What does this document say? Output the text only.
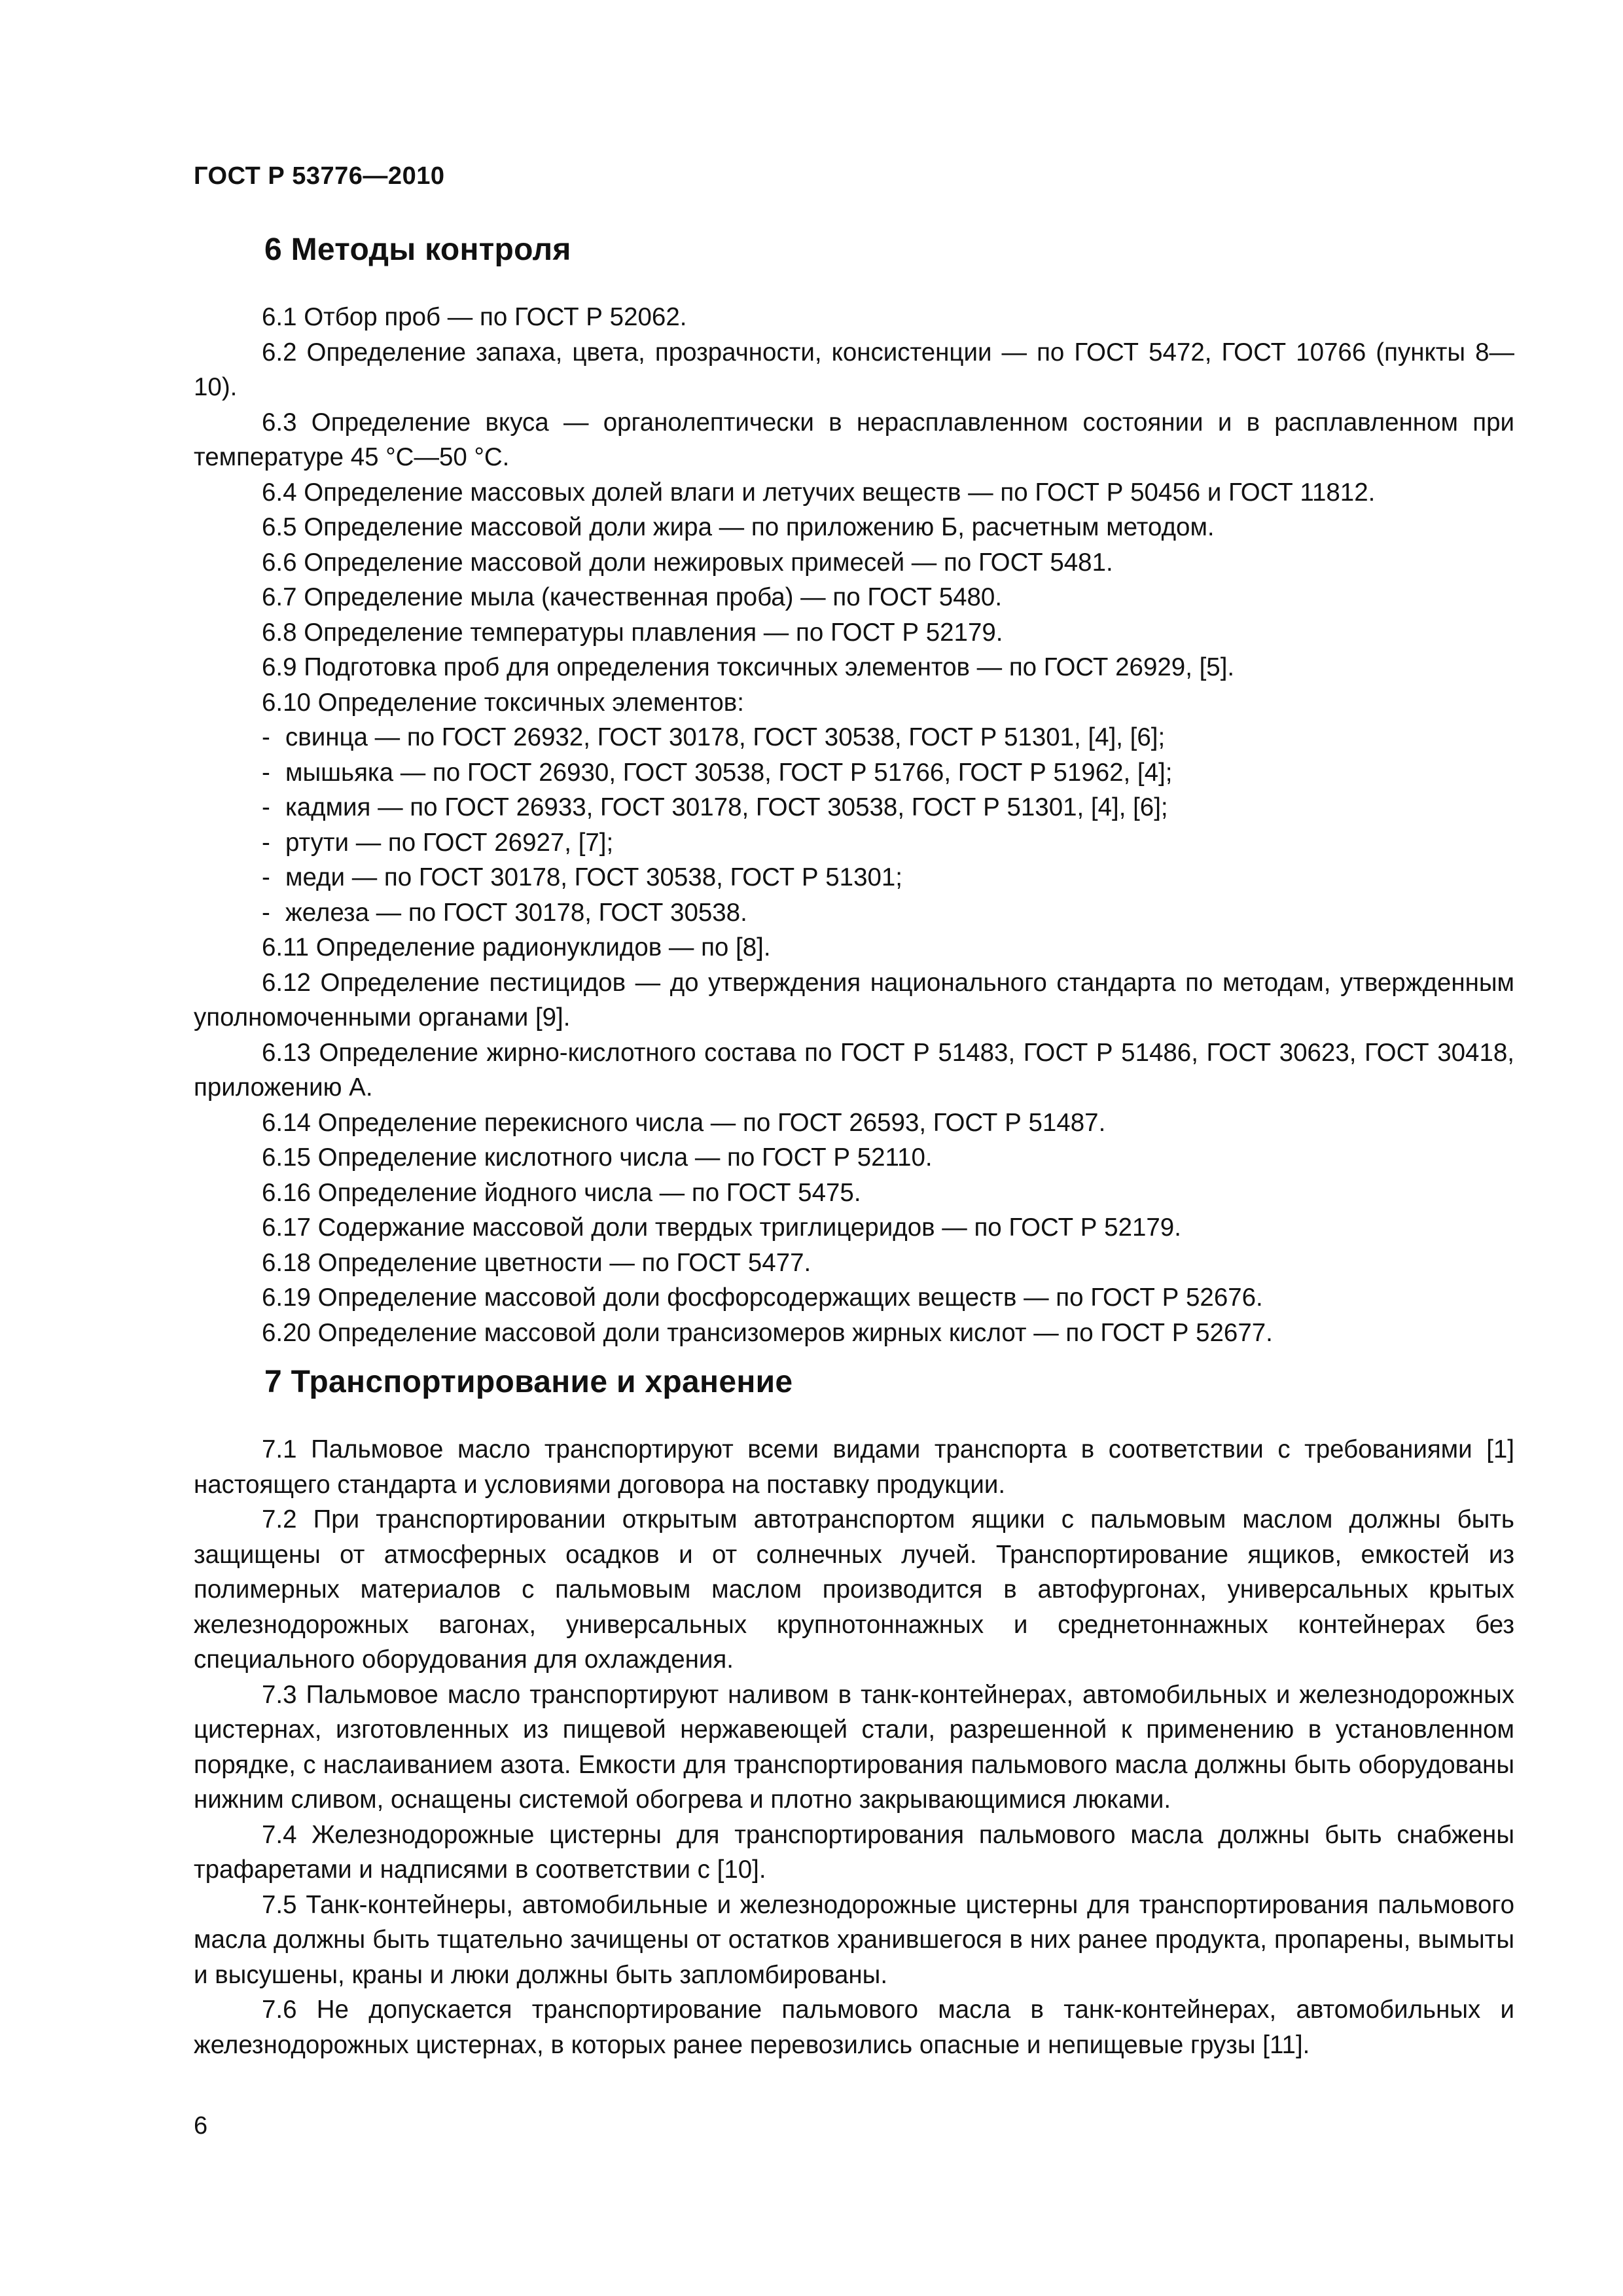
ГОСТ Р 53776—2010
6 Методы контроля

6.1 Отбор проб — по ГОСТ Р 52062.

6.2 Определение запаха, цвета, прозрачности, консистенции — по ГОСТ 5472, ГОСТ 10766 (пункты 8—10).

6.3 Определение вкуса — органолептически в нерасплавленном состоянии и в расплавленном при температуре 45 °С—50 °С.

6.4 Определение массовых долей влаги и летучих веществ — по ГОСТ Р 50456 и ГОСТ 11812.

6.5 Определение массовой доли жира — по приложению Б, расчетным методом.

6.6 Определение массовой доли нежировых примесей — по ГОСТ 5481.

6.7 Определение мыла (качественная проба) — по ГОСТ 5480.

6.8 Определение температуры плавления — по ГОСТ Р 52179.

6.9 Подготовка проб для определения токсичных элементов — по ГОСТ 26929, [5].

6.10 Определение токсичных элементов:

- свинца — по ГОСТ 26932, ГОСТ 30178, ГОСТ 30538, ГОСТ Р 51301, [4], [6];
- мышьяка — по ГОСТ 26930, ГОСТ 30538, ГОСТ Р 51766, ГОСТ Р 51962, [4];
- кадмия — по ГОСТ 26933, ГОСТ 30178, ГОСТ 30538, ГОСТ Р 51301, [4], [6];
- ртути — по ГОСТ 26927, [7];
- меди — по ГОСТ 30178, ГОСТ 30538, ГОСТ Р 51301;
- железа — по ГОСТ 30178, ГОСТ 30538.

6.11 Определение радионуклидов — по [8].

6.12 Определение пестицидов — до утверждения национального стандарта по методам, утвержденным уполномоченными органами [9].

6.13 Определение жирно-кислотного состава по ГОСТ Р 51483, ГОСТ Р 51486, ГОСТ 30623, ГОСТ 30418, приложению А.

6.14 Определение перекисного числа — по ГОСТ 26593, ГОСТ Р 51487.

6.15 Определение кислотного числа — по ГОСТ Р 52110.

6.16 Определение йодного числа — по ГОСТ 5475.

6.17 Содержание массовой доли твердых триглицеридов — по ГОСТ Р 52179.

6.18 Определение цветности — по ГОСТ 5477.

6.19 Определение массовой доли фосфорсодержащих веществ — по ГОСТ Р 52676.

6.20 Определение массовой доли трансизомеров жирных кислот — по ГОСТ Р 52677.

7 Транспортирование и хранение

7.1 Пальмовое масло транспортируют всеми видами транспорта в соответствии с требованиями [1] настоящего стандарта и условиями договора на поставку продукции.

7.2 При транспортировании открытым автотранспортом ящики с пальмовым маслом должны быть защищены от атмосферных осадков и от солнечных лучей. Транспортирование ящиков, емкостей из полимерных материалов с пальмовым маслом производится в автофургонах, универсальных крытых железнодорожных вагонах, универсальных крупнотоннажных и среднетоннажных контейнерах без специального оборудования для охлаждения.

7.3 Пальмовое масло транспортируют наливом в танк-контейнерах, автомобильных и железнодорожных цистернах, изготовленных из пищевой нержавеющей стали, разрешенной к применению в установленном порядке, с наслаиванием азота. Емкости для транспортирования пальмового масла должны быть оборудованы нижним сливом, оснащены системой обогрева и плотно закрывающимися люками.

7.4 Железнодорожные цистерны для транспортирования пальмового масла должны быть снабжены трафаретами и надписями в соответствии с [10].

7.5 Танк-контейнеры, автомобильные и железнодорожные цистерны для транспортирования пальмового масла должны быть тщательно зачищены от остатков хранившегося в них ранее продукта, пропарены, вымыты и высушены, краны и люки должны быть запломбированы.

7.6 Не допускается транспортирование пальмового масла в танк-контейнерах, автомобильных и железнодорожных цистернах, в которых ранее перевозились опасные и непищевые грузы [11].

6
